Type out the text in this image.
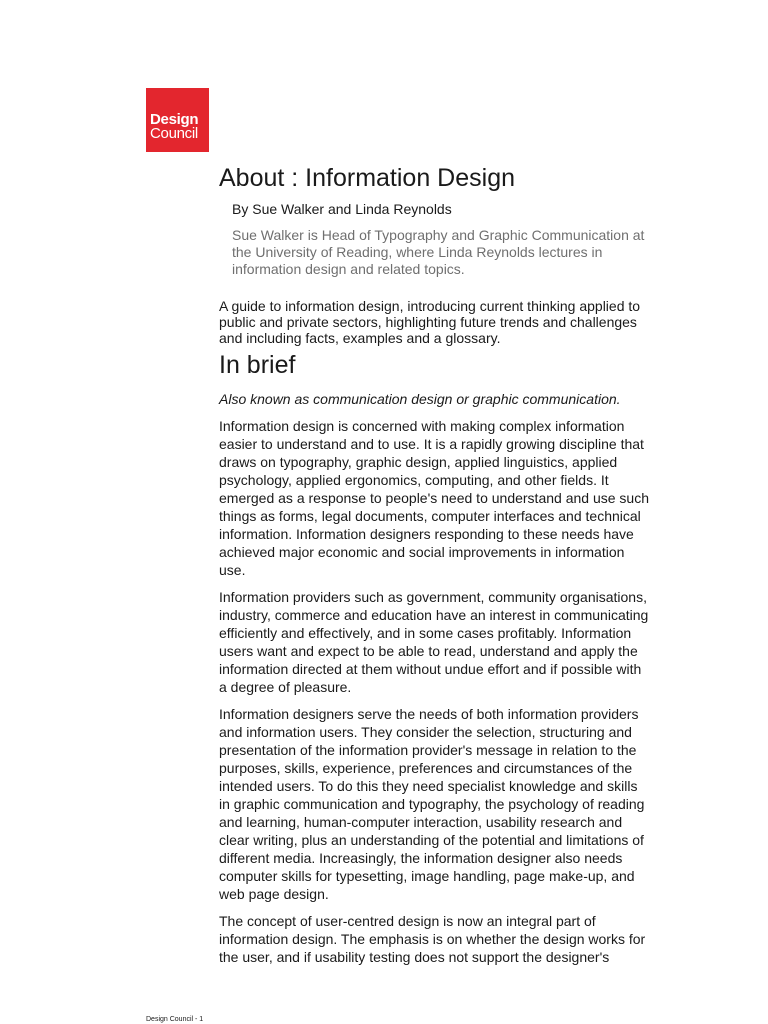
Design
Council
About : Information Design

By Sue Walker and Linda Reynolds

Sue Walker is Head of Typography and Graphic Communication at the University of Reading, where Linda Reynolds lectures in information design and related topics.

A guide to information design, introducing current thinking applied to public and private sectors, highlighting future trends and challenges and including facts, examples and a glossary.

In brief

Also known as communication design or graphic communication.

Information design is concerned with making complex information easier to understand and to use. It is a rapidly growing discipline that draws on typography, graphic design, applied linguistics, applied psychology, applied ergonomics, computing, and other fields. It emerged as a response to people's need to understand and use such things as forms, legal documents, computer interfaces and technical information. Information designers responding to these needs have achieved major economic and social improvements in information use.

Information providers such as government, community organisations, industry, commerce and education have an interest in communicating efficiently and effectively, and in some cases profitably. Information users want and expect to be able to read, understand and apply the information directed at them without undue effort and if possible with a degree of pleasure.

Information designers serve the needs of both information providers and information users. They consider the selection, structuring and presentation of the information provider's message in relation to the purposes, skills, experience, preferences and circumstances of the intended users. To do this they need specialist knowledge and skills in graphic communication and typography, the psychology of reading and learning, human-computer interaction, usability research and clear writing, plus an understanding of the potential and limitations of different media. Increasingly, the information designer also needs computer skills for typesetting, image handling, page make-up, and web page design.

The concept of user-centred design is now an integral part of information design. The emphasis is on whether the design works for the user, and if usability testing does not support the designer's

Design Council - 1
